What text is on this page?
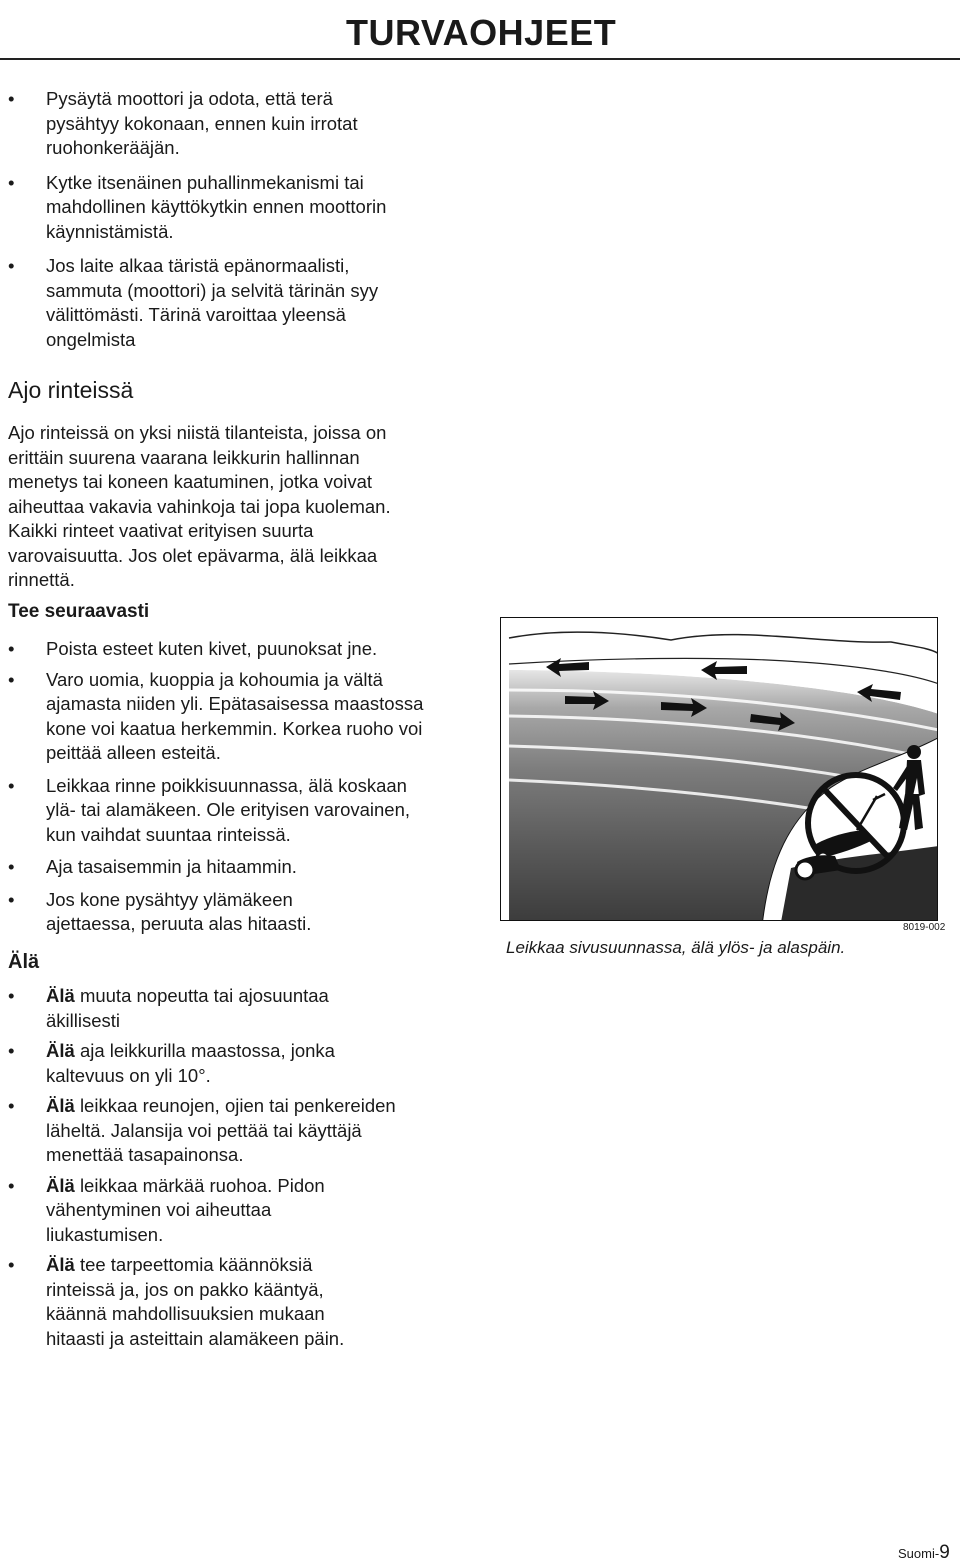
TURVAOHJEET
• Pysäytä moottori ja odota, että terä pysähtyy kokonaan, ennen kuin irrotat ruohonkerääjän.
• Kytke itsenäinen puhallinmekanismi tai mahdollinen käyttökytkin ennen moottorin käynnistämistä.
• Jos laite alkaa täristä epänormaalisti, sammuta (moottori) ja selvitä tärinän syy välittömästi. Tärinä varoittaa yleensä ongelmista
Ajo rinteissä
Ajo rinteissä on yksi niistä tilanteista, joissa on erittäin suurena vaarana leikkurin hallinnan menetys tai koneen kaatuminen, jotka voivat aiheuttaa vakavia vahinkoja tai jopa kuoleman. Kaikki rinteet vaativat erityisen suurta varovaisuutta. Jos olet epävarma, älä leikkaa rinnettä.
Tee seuraavasti
• Poista esteet kuten kivet, puunoksat jne.
• Varo uomia, kuoppia ja kohoumia ja vältä ajamasta niiden yli. Epätasaisessa maastossa kone voi kaatua herkemmin. Korkea ruoho voi peittää alleen esteitä.
• Leikkaa rinne poikkisuunnassa, älä koskaan ylä- tai alamäkeen. Ole erityisen varovainen, kun vaihdat suuntaa rinteissä.
• Aja tasaisemmin ja hitaammin.
• Jos kone pysähtyy ylämäkeen ajettaessa, peruuta alas hitaasti.
Älä
• Älä muuta nopeutta tai ajosuuntaa äkillisesti
• Älä aja leikkurilla maastossa, jonka kaltevuus on yli 10°.
• Älä leikkaa reunojen, ojien tai penkereiden läheltä. Jalansija voi pettää tai käyttäjä menettää tasapainonsa.
• Älä leikkaa märkää ruohoa. Pidon vähentyminen voi aiheuttaa liukastumisen.
• Älä tee tarpeettomia käännöksiä rinteissä ja, jos on pakko kääntyä, käännä mahdollisuuksien mukaan hitaasti ja asteittain alamäkeen päin.
8019-002
Leikkaa sivusuunnassa, älä ylös- ja alaspäin.
Suomi-9
